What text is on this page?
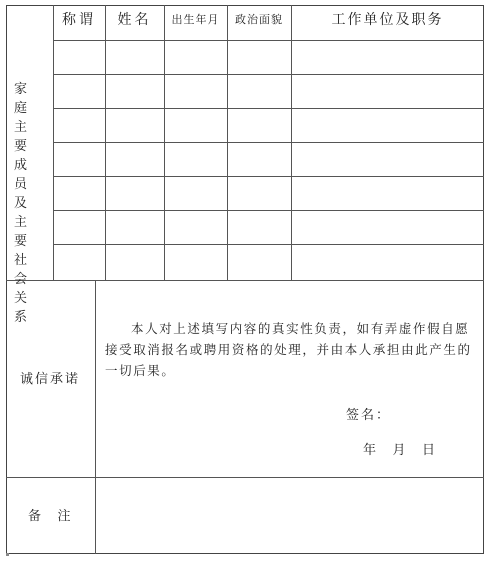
家庭
主要
成员
及主
要社
会关
系
称谓	姓名	出生年月	政治面貌	工作单位及职务
诚信承诺
本人对上述填写内容的真实性负责，如有弄虚作假自愿接受取消报名或聘用资格的处理，并由本人承担由此产生的一切后果。
签名：
年    月    日
备    注
